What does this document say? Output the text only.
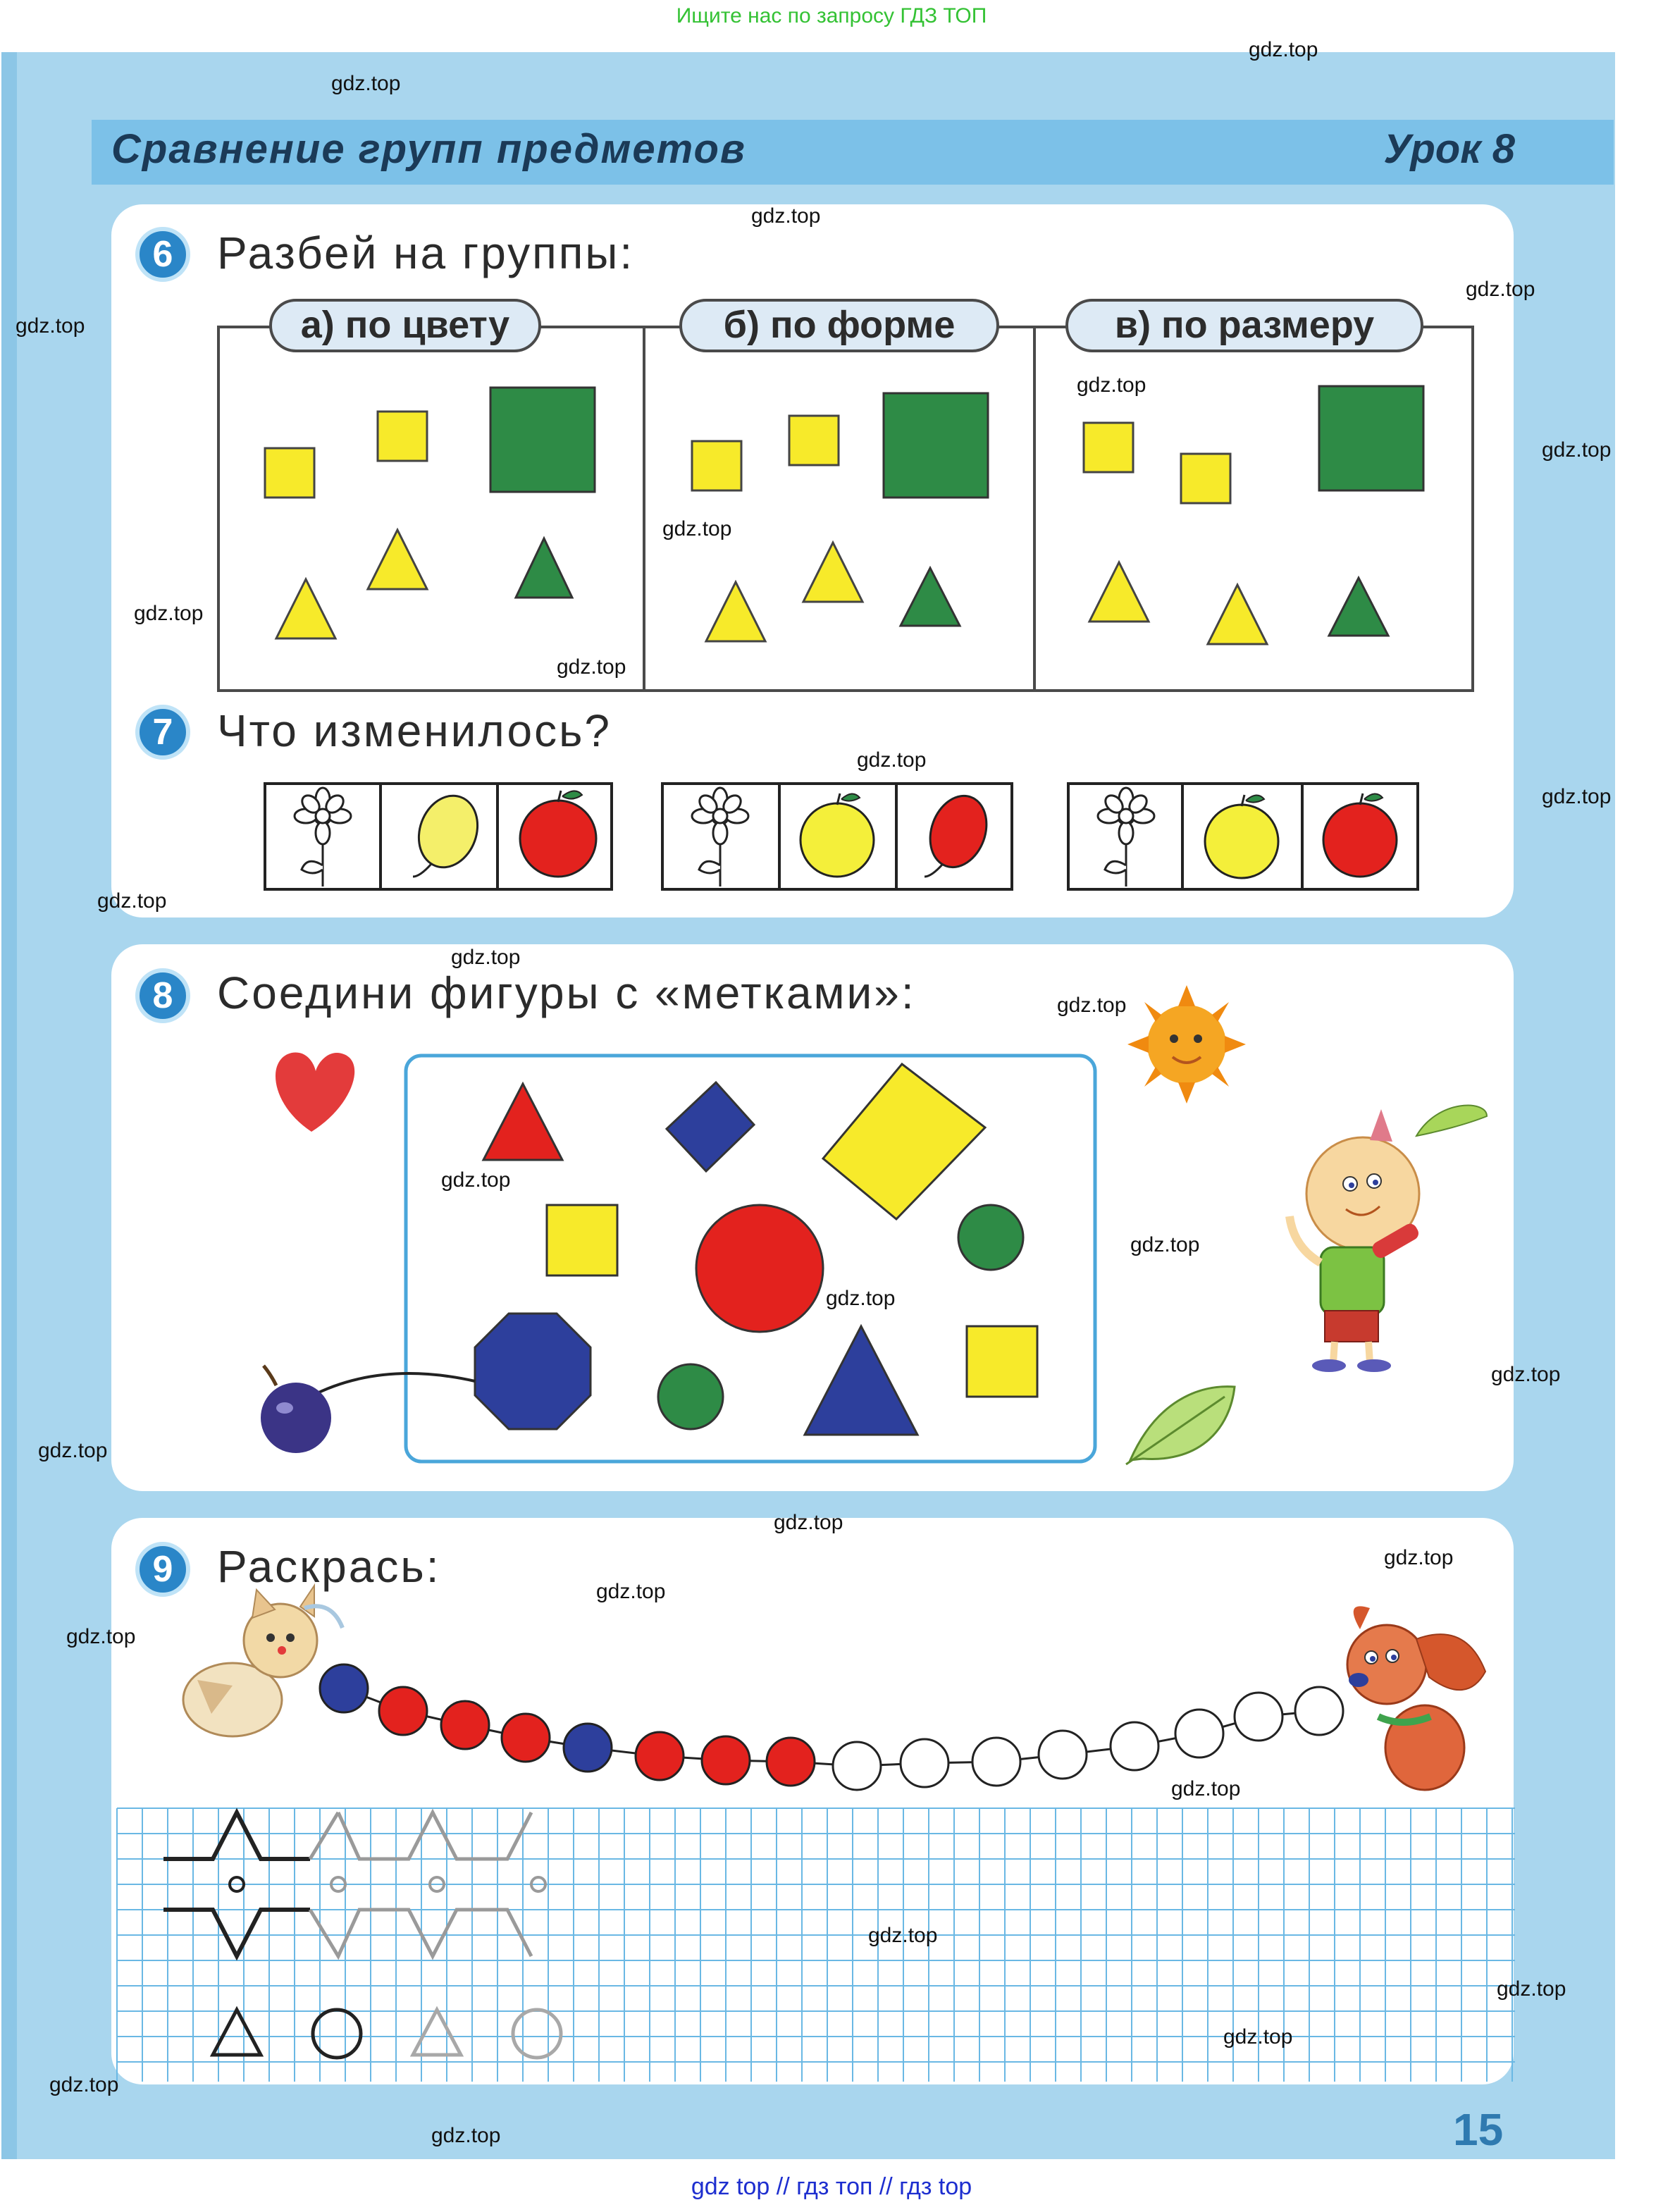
Ищите нас по запросу ГДЗ ТОП
Сравнение групп предметов	Урок 8
6 Разбей на группы:
а) по цвету	б) по форме	в) по размеру
7 Что изменилось?
8 Соедини фигуры с «метками»:
9 Раскрась:
gdz.top
gdz.top
gdz.top
gdz.top
gdz.top
gdz.top
gdz.top
gdz.top
gdz.top
gdz.top
gdz.top
gdz.top
gdz.top
gdz.top
gdz.top
gdz.top
gdz.top
gdz.top
gdz.top
gdz.top
gdz.top
gdz.top
gdz.top
gdz.top
gdz.top
gdz.top
gdz.top
gdz.top
gdz.top
gdz.top	15
gdz top // гдз топ // гдз top
